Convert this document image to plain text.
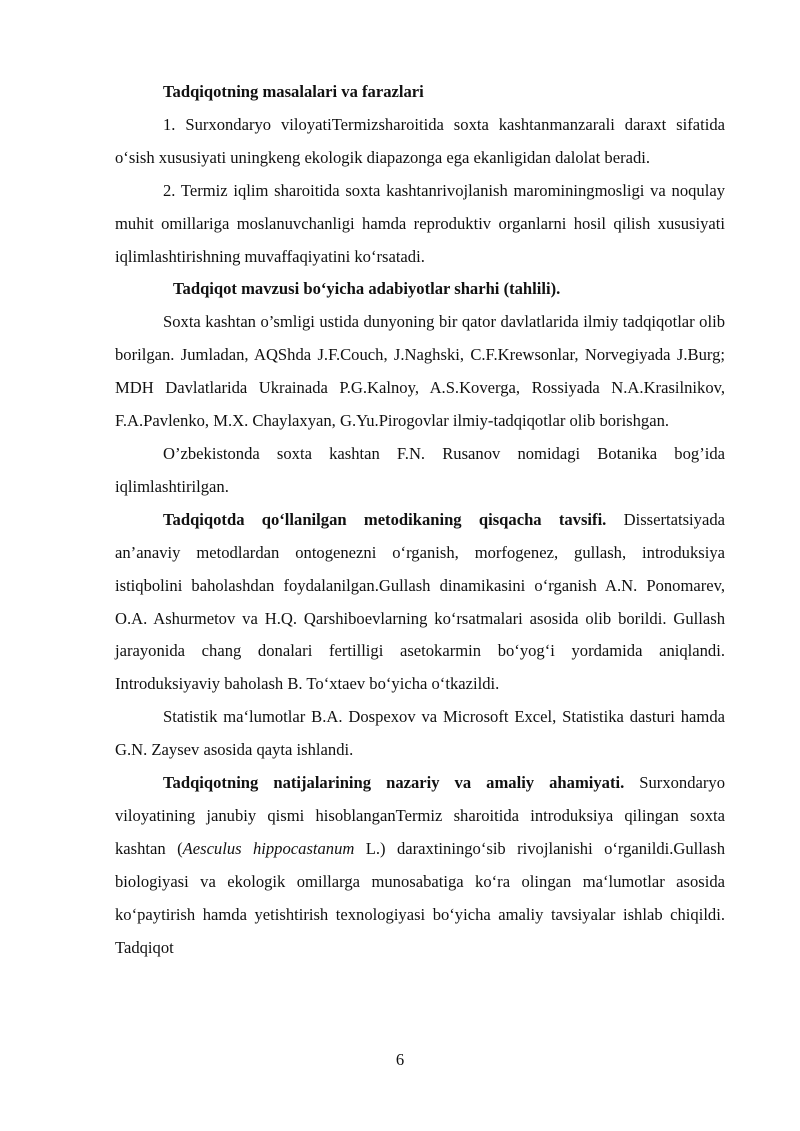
Tadqiqotning masalalari va farazlari

1. Surxondaryo viloyatiTermizsharoitida soxta kashtanmanzarali daraxt sifatida o‘sish xususiyati uningkeng ekologik diapazonga ega ekanligidan dalolat beradi.

2. Termiz iqlim sharoitida soxta kashtanrivojlanish marominingmosligi va noqulay muhit omillariga moslanuvchanligi hamda reproduktiv organlarni hosil qilish xususiyati iqlimlashtirishning muvaffaqiyatini ko‘rsatadi.

Tadqiqot mavzusi bo‘yicha adabiyotlar sharhi (tahlili).

Soxta kashtan o’smligi ustida dunyoning bir qator davlatlarida ilmiy tadqiqotlar olib borilgan. Jumladan, AQShda J.F.Couch, J.Naghski, C.F.Krewsonlar, Norvegiyada J.Burg; MDH Davlatlarida Ukrainada P.G.Kalnoy, A.S.Koverga, Rossiyada N.A.Krasilnikov, F.A.Pavlenko, M.X. Chaylaxyan, G.Yu.Pirogovlar ilmiy-tadqiqotlar olib borishgan.

O’zbekistonda soxta kashtan F.N. Rusanov nomidagi Botanika bog’ida iqlimlashtirilgan.

Tadqiqotda qo‘llanilgan metodikaning qisqacha tavsifi. Dissertatsiyada an’anaviy metodlardan ontogenezni o‘rganish, morfogenez, gullash, introduksiya istiqbolini baholashdan foydalanilgan.Gullash dinamikasini o‘rganish A.N. Ponomarev, O.A. Ashurmetov va H.Q. Qarshiboevlarning ko‘rsatmalari asosida olib borildi. Gullash jarayonida chang donalari fertilligi asetokarmin bo‘yog‘i yordamida aniqlandi. Introduksiyaviy baholash B. To‘xtaev bo‘yicha o‘tkazildi.

Statistik ma‘lumotlar B.A. Dospexov va Microsoft Excel, Statistika dasturi hamda G.N. Zaysev asosida qayta ishlandi.

Tadqiqotning natijalarining nazariy va amaliy ahamiyati. Surxondaryo viloyatining janubiy qismi hisoblanganTermiz sharoitida introduksiya qilingan soxta kashtan (Aesculus hippocastanum L.) daraxtiningo‘sib rivojlanishi o‘rganildi.Gullash biologiyasi va ekologik omillarga munosabatiga ko‘ra olingan ma‘lumotlar asosida ko‘paytirish hamda yetishtirish texnologiyasi bo‘yicha amaliy tavsiyalar ishlab chiqildi. Tadqiqot

6
